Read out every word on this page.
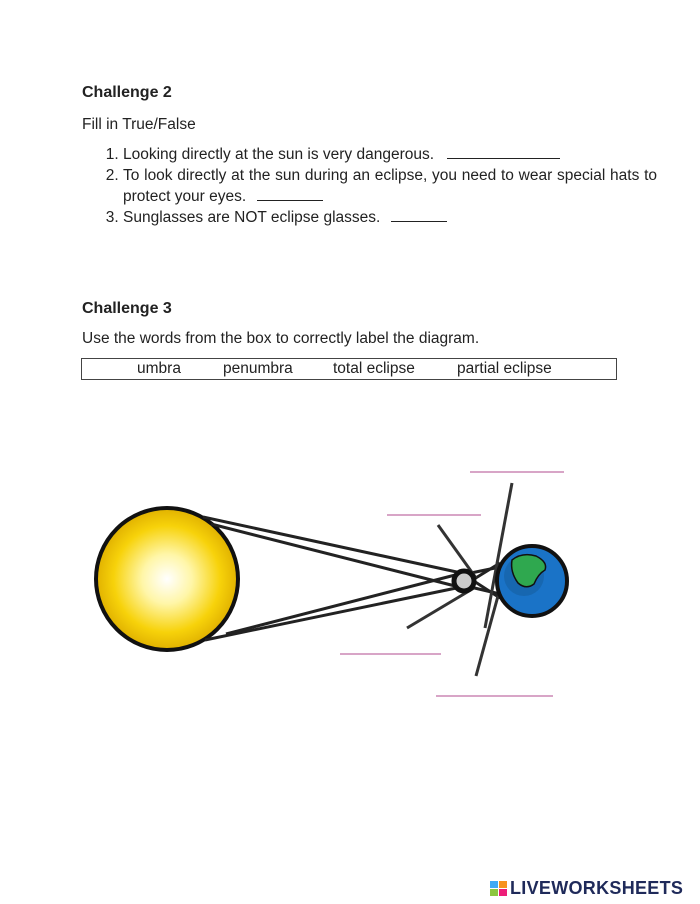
Challenge 2
Fill in True/False
1. Looking directly at the sun is very dangerous.
2. To look directly at the sun during an eclipse, you need to wear special hats to protect your eyes.
3. Sunglasses are NOT eclipse glasses.
Challenge 3
Use the words from the box to correctly label the diagram.
umbra	penumbra	total eclipse	partial eclipse
LIVEWORKSHEETS
